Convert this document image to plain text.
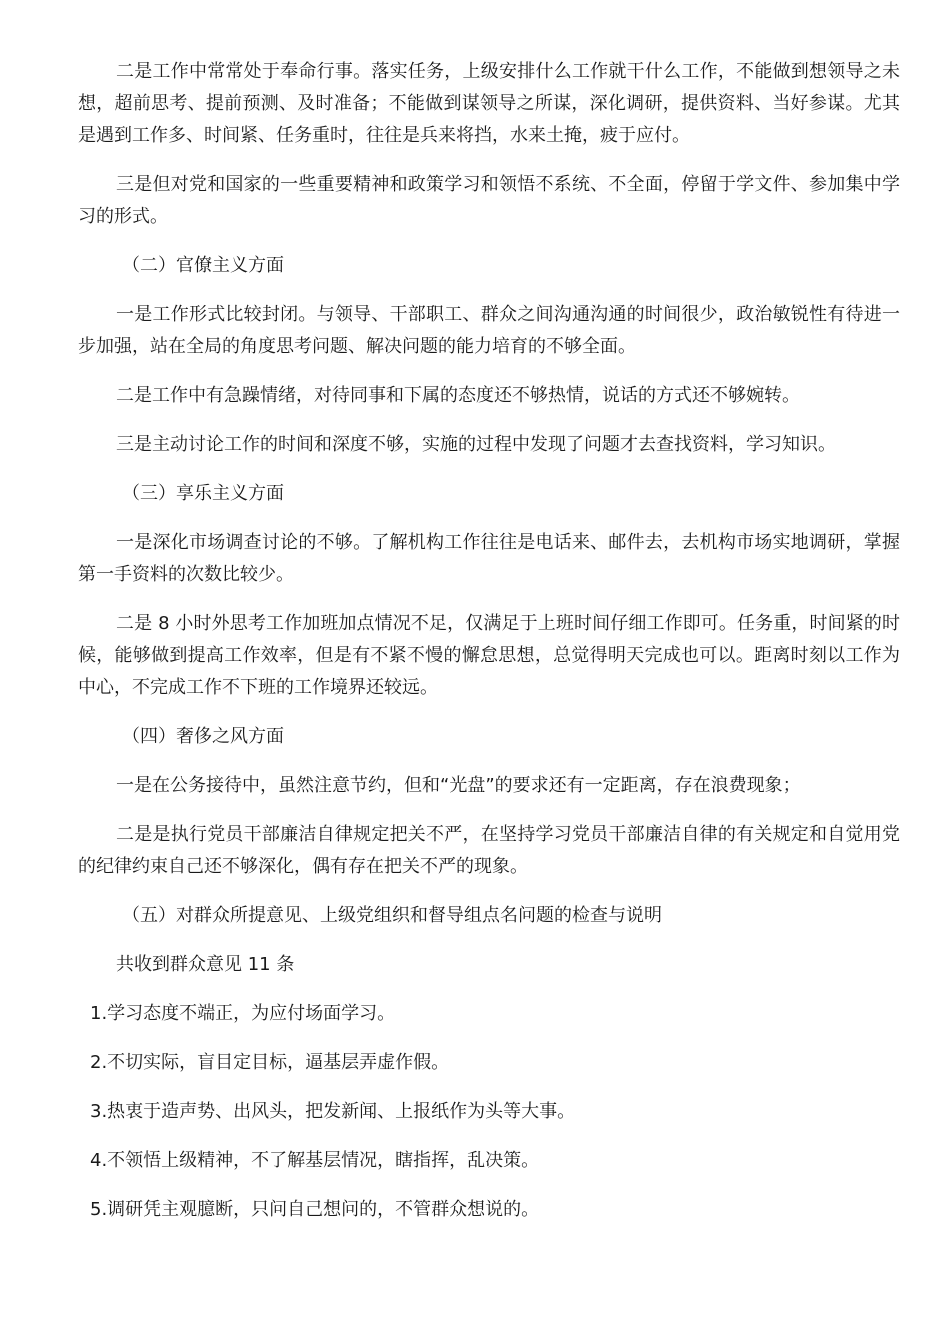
二是工作中常常处于奉命行事。落实任务，上级安排什么工作就干什么工作，不能做到想领导之未想，超前思考、提前预测、及时准备；不能做到谋领导之所谋，深化调研，提供资料、当好参谋。尤其是遇到工作多、时间紧、任务重时，往往是兵来将挡，水来土掩，疲于应付。

三是但对党和国家的一些重要精神和政策学习和领悟不系统、不全面，停留于学文件、参加集中学习的形式。

（二）官僚主义方面

一是工作形式比较封闭。与领导、干部职工、群众之间沟通沟通的时间很少，政治敏锐性有待进一步加强，站在全局的角度思考问题、解决问题的能力培育的不够全面。

二是工作中有急躁情绪，对待同事和下属的态度还不够热情，说话的方式还不够婉转。

三是主动讨论工作的时间和深度不够，实施的过程中发现了问题才去查找资料，学习知识。

（三）享乐主义方面

一是深化市场调查讨论的不够。了解机构工作往往是电话来、邮件去，去机构市场实地调研，掌握第一手资料的次数比较少。

二是 8 小时外思考工作加班加点情况不足，仅满足于上班时间仔细工作即可。任务重，时间紧的时候，能够做到提高工作效率，但是有不紧不慢的懈怠思想，总觉得明天完成也可以。距离时刻以工作为中心，不完成工作不下班的工作境界还较远。

（四）奢侈之风方面

一是在公务接待中，虽然注意节约，但和“光盘”的要求还有一定距离，存在浪费现象；

二是是执行党员干部廉洁自律规定把关不严，在坚持学习党员干部廉洁自律的有关规定和自觉用党的纪律约束自己还不够深化，偶有存在把关不严的现象。

（五）对群众所提意见、上级党组织和督导组点名问题的检查与说明

共收到群众意见 11 条

1.学习态度不端正，为应付场面学习。

2.不切实际，盲目定目标，逼基层弄虚作假。

3.热衷于造声势、出风头，把发新闻、上报纸作为头等大事。

4.不领悟上级精神，不了解基层情况，瞎指挥，乱决策。

5.调研凭主观臆断，只问自己想问的，不管群众想说的。
